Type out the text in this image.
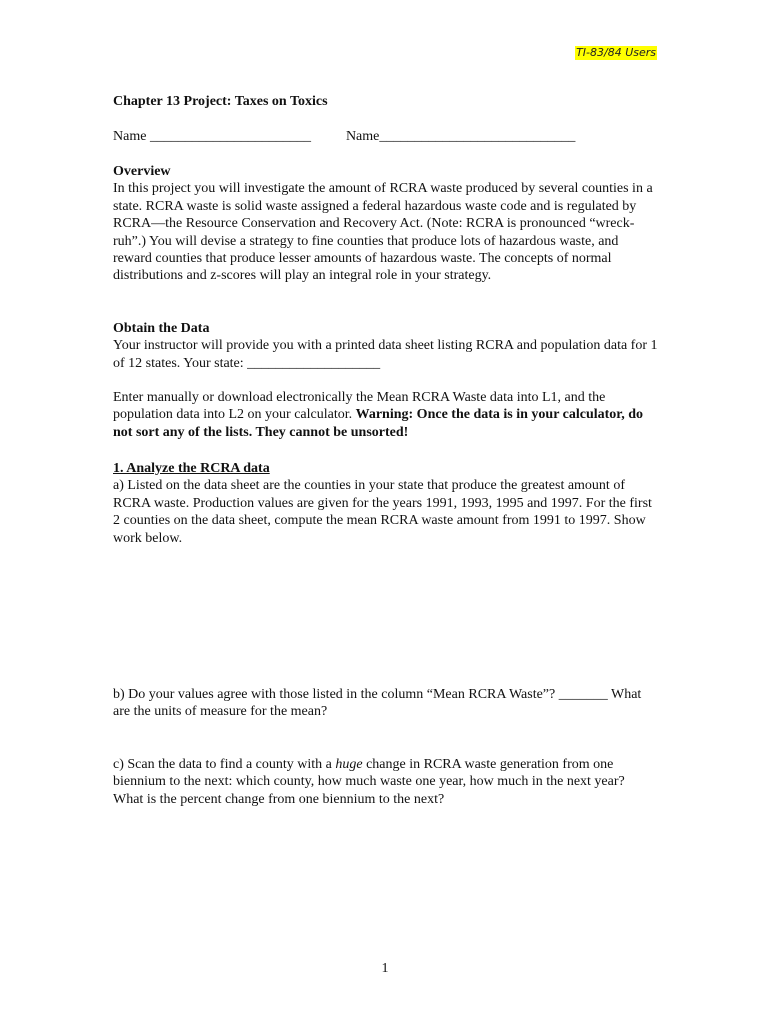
TI-83/84 Users
Chapter 13 Project: Taxes on Toxics
Name _______________________	Name____________________________
Overview
In this project you will investigate the amount of RCRA waste produced by several counties in a state. RCRA waste is solid waste assigned a federal hazardous waste code and is regulated by RCRA—the Resource Conservation and Recovery Act. (Note: RCRA is pronounced “wreck-ruh”.) You will devise a strategy to fine counties that produce lots of hazardous waste, and reward counties that produce lesser amounts of hazardous waste. The concepts of normal distributions and z-scores will play an integral role in your strategy.
Obtain the Data
Your instructor will provide you with a printed data sheet listing RCRA and population data for 1 of 12 states. Your state: ___________________
Enter manually or download electronically the Mean RCRA Waste data into L1, and the population data into L2 on your calculator. Warning: Once the data is in your calculator, do not sort any of the lists. They cannot be unsorted!
1. Analyze the RCRA data
a) Listed on the data sheet are the counties in your state that produce the greatest amount of RCRA waste. Production values are given for the years 1991, 1993, 1995 and 1997. For the first 2 counties on the data sheet, compute the mean RCRA waste amount from 1991 to 1997. Show work below.
b) Do your values agree with those listed in the column “Mean RCRA Waste”? _______ What are the units of measure for the mean?
c) Scan the data to find a county with a huge change in RCRA waste generation from one biennium to the next: which county, how much waste one year, how much in the next year? What is the percent change from one biennium to the next?
1
